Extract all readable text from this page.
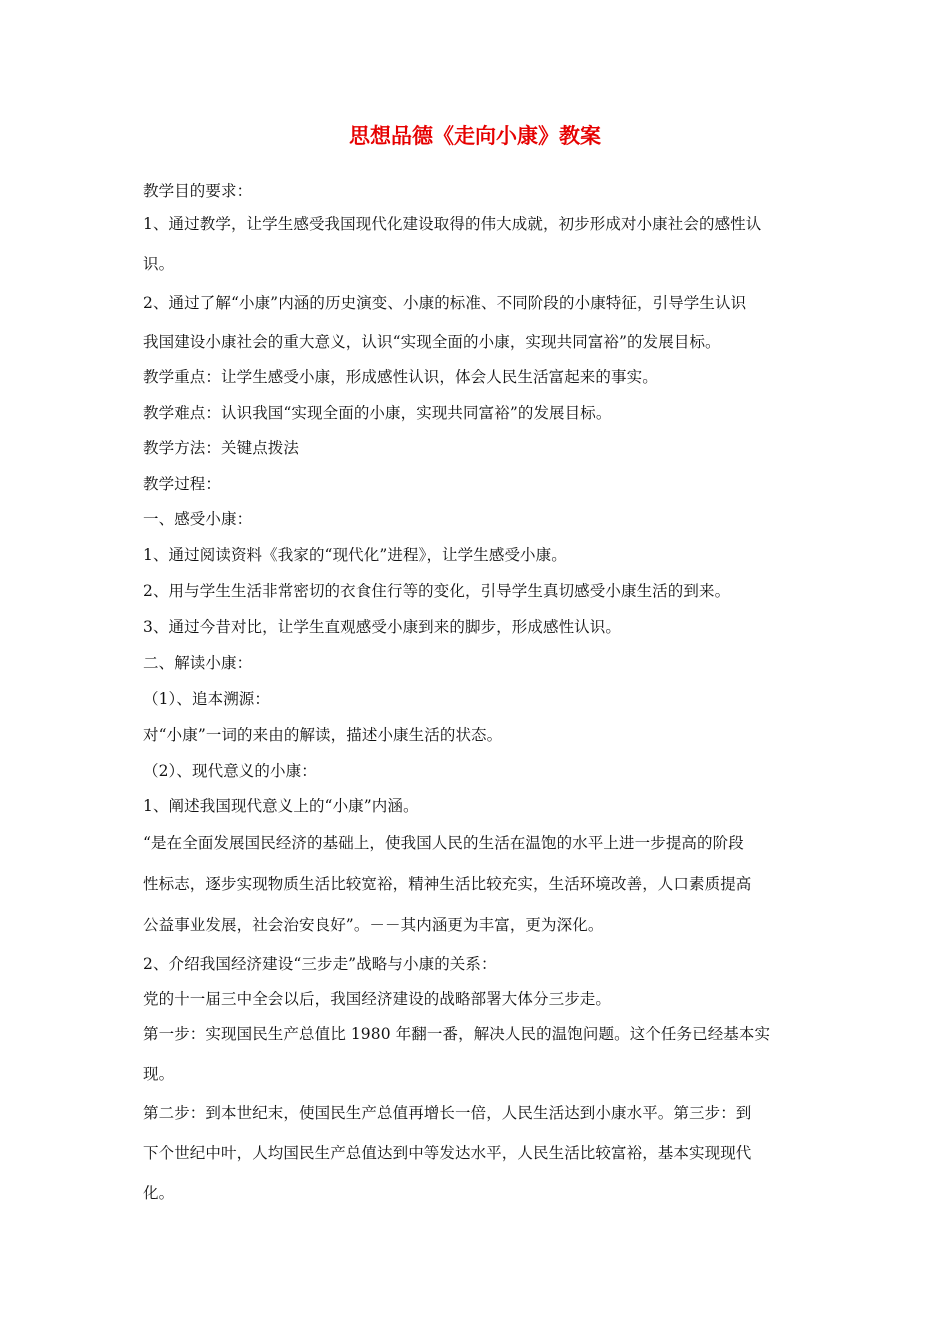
思想品德《走向小康》教案
教学目的要求：
1、通过教学，让学生感受我国现代化建设取得的伟大成就，初步形成对小康社会的感性认
识。
2、通过了解“小康”内涵的历史演变、小康的标准、不同阶段的小康特征，引导学生认识
我国建设小康社会的重大意义，认识“实现全面的小康，实现共同富裕”的发展目标。
教学重点：让学生感受小康，形成感性认识，体会人民生活富起来的事实。
教学难点：认识我国“实现全面的小康，实现共同富裕”的发展目标。
教学方法：关键点拨法
教学过程：
一、感受小康：
1、通过阅读资料《我家的“现代化”进程》，让学生感受小康。
2、用与学生生活非常密切的衣食住行等的变化，引导学生真切感受小康生活的到来。
3、通过今昔对比，让学生直观感受小康到来的脚步，形成感性认识。
二、解读小康：
（1）、追本溯源：
对“小康”一词的来由的解读，描述小康生活的状态。
（2）、现代意义的小康：
1、阐述我国现代意义上的“小康”内涵。
“是在全面发展国民经济的基础上，使我国人民的生活在温饱的水平上进一步提高的阶段
性标志，逐步实现物质生活比较宽裕，精神生活比较充实，生活环境改善，人口素质提高
公益事业发展，社会治安良好”。－－其内涵更为丰富，更为深化。
2、介绍我国经济建设“三步走”战略与小康的关系：
党的十一届三中全会以后，我国经济建设的战略部署大体分三步走。
第一步：实现国民生产总值比 1980 年翻一番，解决人民的温饱问题。这个任务已经基本实
现。
第二步：到本世纪末，使国民生产总值再增长一倍，人民生活达到小康水平。第三步：到
下个世纪中叶，人均国民生产总值达到中等发达水平，人民生活比较富裕，基本实现现代
化。
